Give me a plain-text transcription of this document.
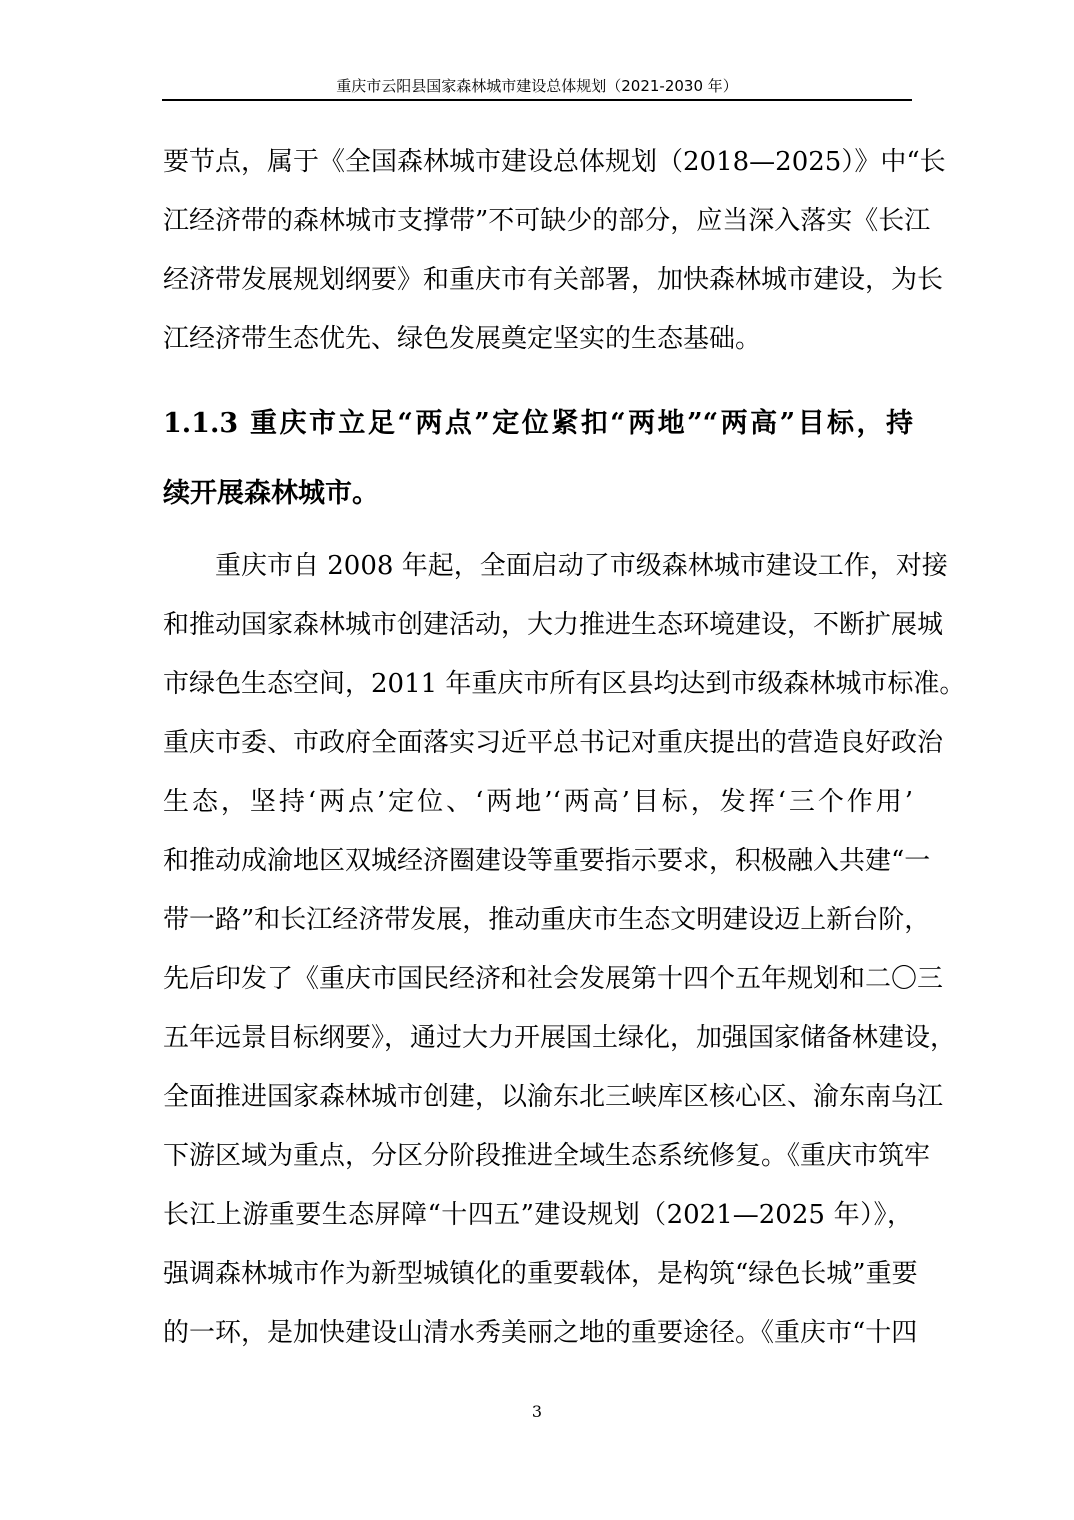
重庆市云阳县国家森林城市建设总体规划（2021-2030 年）
要节点，属于《全国森林城市建设总体规划（2018—2025）》中“长
江经济带的森林城市支撑带”不可缺少的部分，应当深入落实《长江
经济带发展规划纲要》和重庆市有关部署，加快森林城市建设，为长
江经济带生态优先、绿色发展奠定坚实的生态基础。
1.1.3 重庆市立足“两点”定位紧扣“两地”“两高”目标，持
续开展森林城市。
重庆市自 2008 年起，全面启动了市级森林城市建设工作，对接
和推动国家森林城市创建活动，大力推进生态环境建设，不断扩展城
市绿色生态空间，2011 年重庆市所有区县均达到市级森林城市标准。
重庆市委、市政府全面落实习近平总书记对重庆提出的营造良好政治
生态，坚持‘两点’定位、‘两地’‘两高’目标，发挥‘三个作用’
和推动成渝地区双城经济圈建设等重要指示要求，积极融入共建“一
带一路”和长江经济带发展，推动重庆市生态文明建设迈上新台阶，
先后印发了《重庆市国民经济和社会发展第十四个五年规划和二〇三
五年远景目标纲要》，通过大力开展国土绿化，加强国家储备林建设，
全面推进国家森林城市创建，以渝东北三峡库区核心区、渝东南乌江
下游区域为重点，分区分阶段推进全域生态系统修复。《重庆市筑牢
长江上游重要生态屏障“十四五”建设规划（2021—2025 年）》，
强调森林城市作为新型城镇化的重要载体，是构筑“绿色长城”重要
的一环，是加快建设山清水秀美丽之地的重要途径。《重庆市“十四
3
